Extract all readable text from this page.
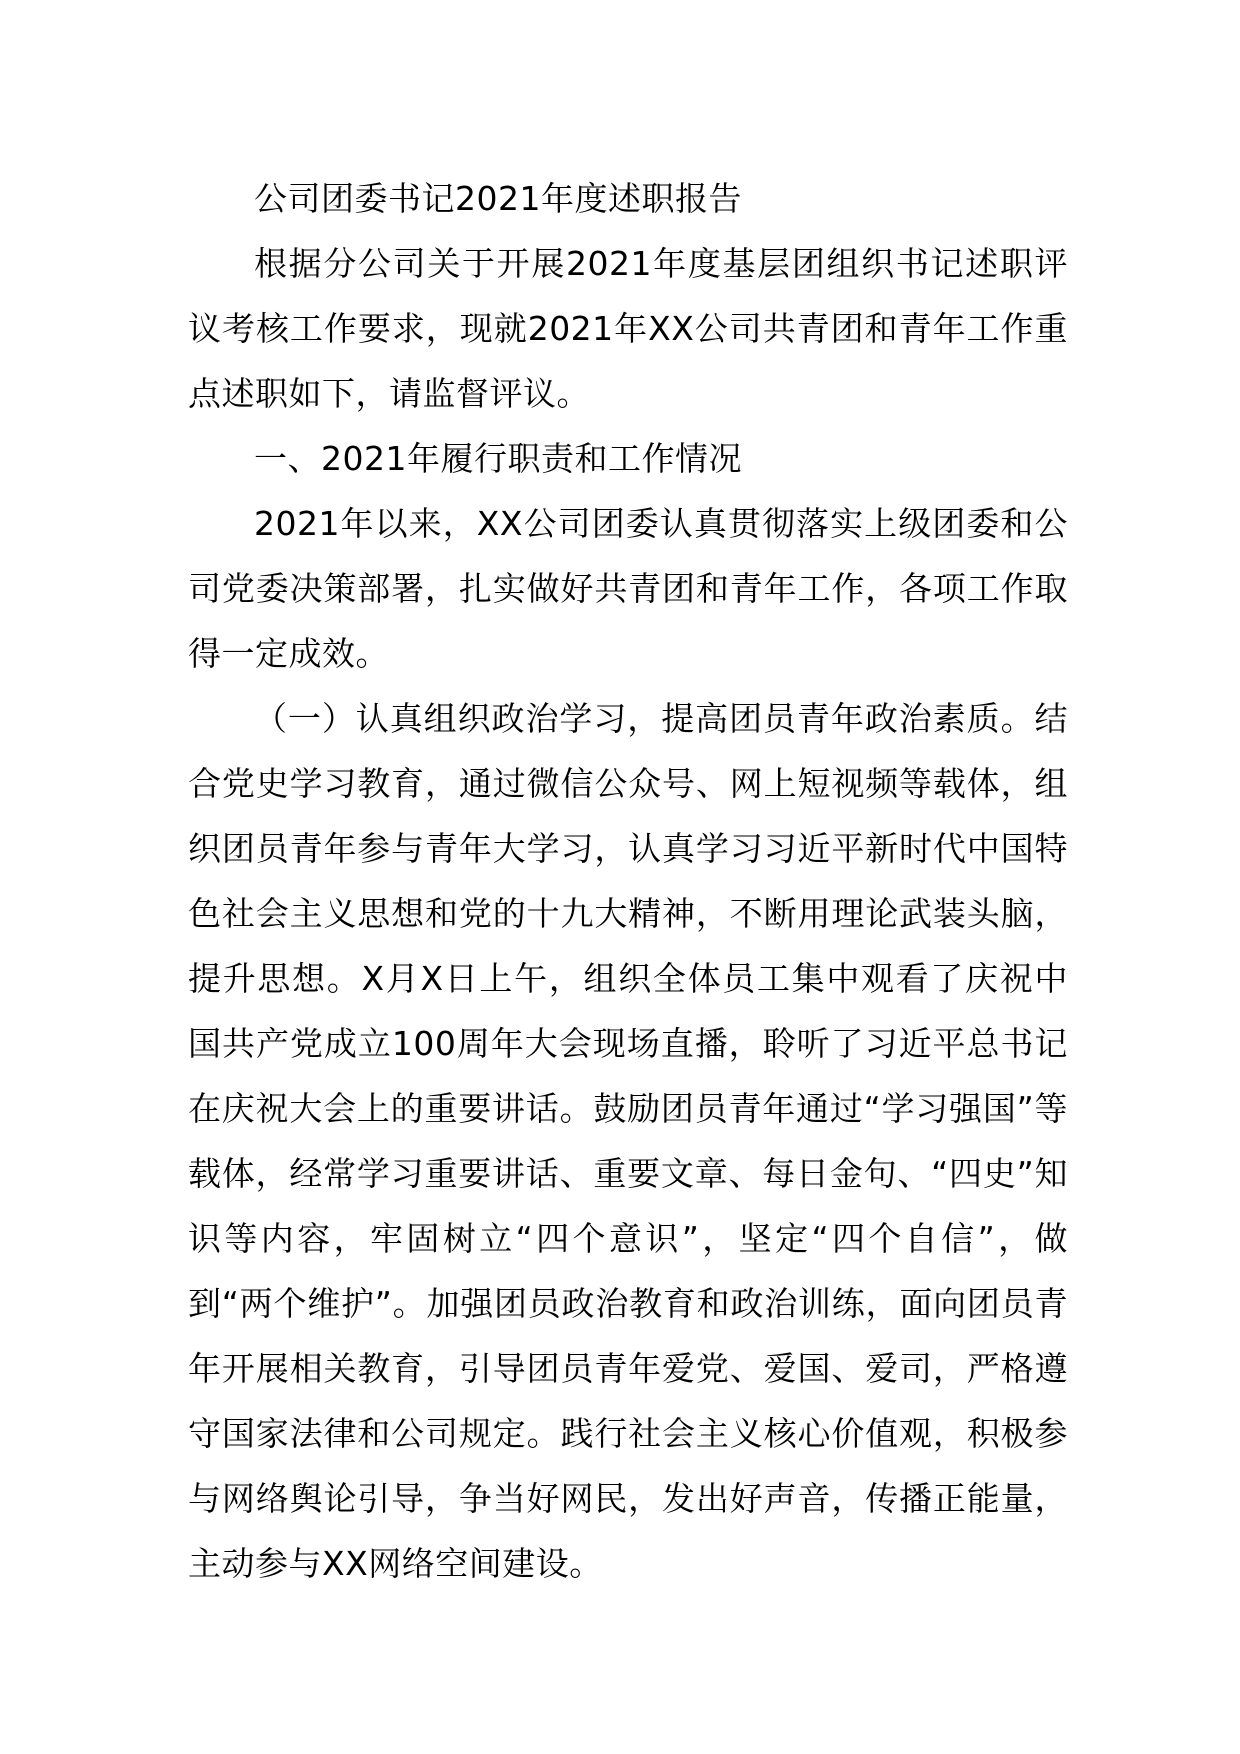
公司团委书记2021年度述职报告

根据分公司关于开展2021年度基层团组织书记述职评议考核工作要求，现就2021年XX公司共青团和青年工作重点述职如下，请监督评议。

一、2021年履行职责和工作情况

2021年以来，XX公司团委认真贯彻落实上级团委和公司党委决策部署，扎实做好共青团和青年工作，各项工作取得一定成效。

（一）认真组织政治学习，提高团员青年政治素质。结合党史学习教育，通过微信公众号、网上短视频等载体，组织团员青年参与青年大学习，认真学习习近平新时代中国特色社会主义思想和党的十九大精神，不断用理论武装头脑，提升思想。X月X日上午，组织全体员工集中观看了庆祝中国共产党成立100周年大会现场直播，聆听了习近平总书记在庆祝大会上的重要讲话。鼓励团员青年通过“学习强国”等载体，经常学习重要讲话、重要文章、每日金句、“四史”知识等内容，牢固树立“四个意识”，坚定“四个自信”，做到“两个维护”。加强团员政治教育和政治训练，面向团员青年开展相关教育，引导团员青年爱党、爱国、爱司，严格遵守国家法律和公司规定。践行社会主义核心价值观，积极参与网络舆论引导，争当好网民，发出好声音，传播正能量，主动参与XX网络空间建设。
